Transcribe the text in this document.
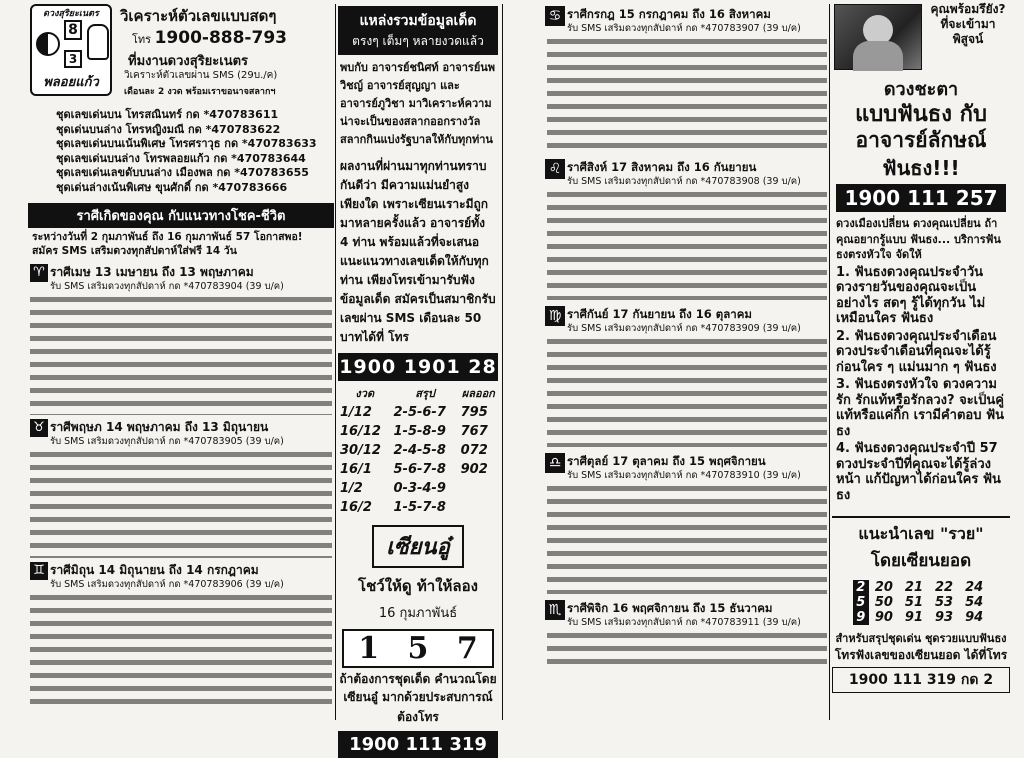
ดวงสุริยะเนตร
8
3
พลอยแก้ว
วิเคราะห์ตัวเลขแบบสดๆ
โทร 1900-888-793
ที่มงานดวงสุริยะเนตร
วิเคราะห์ตัวเลขผ่าน SMS (29บ./ค)
เดือนละ 2 งวด พร้อมเราขอนาจสลากฯ
ชุดเลขเด่นบน โทรสณินทร์ กด *470783611
ชุดเด่นบนล่าง โทรหญิงมณี กด *470783622
ชุดเลขเด่นบนเน้นพิเศษ โทรศราวุธ กด *470783633
ชุดเลขเด่นบนล่าง โทรพลอยแก้ว กด *470783644
ชุดเลขเด่นเลขดับบนล่าง เมืองพล กด *470783655
ชุดเด่นล่างเน้นพิเศษ ขุนศักดิ์ กด *470783666
ราศีเกิดของคุณ กับแนวทางโชค-ชีวิต
ระหว่างวันที่ 2 กุมภาพันธ์ ถึง 16 กุมภาพันธ์ 57 โอกาสพอ! สมัคร SMS เสริมดวงทุกสัปดาห์ใส่ฟรี 14 วัน
♈ ราศีเมษ 13 เมษายน ถึง 13 พฤษภาคม
รับ SMS เสริมดวงทุกสัปดาห์ กด *470783904 (39 บ/ค)
♉ ราศีพฤษภ 14 พฤษภาคม ถึง 13 มิถุนายน
รับ SMS เสริมดวงทุกสัปดาห์ กด *470783905 (39 บ/ค)
♊ ราศีมิถุน 14 มิถุนายน ถึง 14 กรกฎาคม
รับ SMS เสริมดวงทุกสัปดาห์ กด *470783906 (39 บ/ค)
แหล่งรวมข้อมูลเด็ด
ตรงๆ เต็มๆ หลายงวดแล้ว
พบกับ อาจารย์ชนิศท์ อาจารย์นพวิชญ์ อาจารย์สุญญา และอาจารย์ภูวิชา มาวิเคราะห์ความน่าจะเป็นของสลากออกรางวัลสลากกินแบ่งรัฐบาลให้กับทุกท่าน
ผลงานที่ผ่านมาทุกท่านทราบกันดีว่า มีความแม่นยำสูง เพียงใด เพราะเซียนเราะมีถูกมาหลายครั้งแล้ว อาจารย์ทั้ง 4 ท่าน พร้อมแล้วที่จะเสนอแนะแนวทางเลขเด็ดให้กับทุกท่าน เพียงโทรเข้ามารับฟังข้อมูลเด็ด สมัครเป็นสมาชิกรับเลขผ่าน SMS เดือนละ 50 บาทได้ที่ โทร
1900 1901 28
งวด	สรุป	ผลออก
1/12	2-5-6-7	795
16/12	1-5-8-9	767
30/12	2-4-5-8	072
16/1	5-6-7-8	902
1/2	0-3-4-9	
16/2	1-5-7-8	
เซียนอู๋
โชว์ให้ดู ท้าให้ลอง
16 กุมภาพันธ์
1 5 7
ถ้าต้องการชุดเด็ด คำนวณโดยเซียนอู๋ มากด้วยประสบการณ์
ต้องโทร
1900 111 319
♋ ราศีกรกฎ 15 กรกฎาคม ถึง 16 สิงหาคม
รับ SMS เสริมดวงทุกสัปดาห์ กด *470783907 (39 บ/ค)
♌ ราศีสิงห์ 17 สิงหาคม ถึง 16 กันยายน
รับ SMS เสริมดวงทุกสัปดาห์ กด *470783908 (39 บ/ค)
♍ ราศีกันย์ 17 กันยายน ถึง 16 ตุลาคม
รับ SMS เสริมดวงทุกสัปดาห์ กด *470783909 (39 บ/ค)
♎ ราศีตุลย์ 17 ตุลาคม ถึง 15 พฤศจิกายน
รับ SMS เสริมดวงทุกสัปดาห์ กด *470783910 (39 บ/ค)
♏ ราศีพิจิก 16 พฤศจิกายน ถึง 15 ธันวาคม
รับ SMS เสริมดวงทุกสัปดาห์ กด *470783911 (39 บ/ค)
คุณพร้อมรึยัง? ที่จะเข้ามาพิสูจน์
ดวงชะตา
แบบฟันธง กับ
อาจารย์ลักษณ์
ฟันธง!!!
1900 111 257

ดวงเมืองเปลี่ยน ดวงคุณเปลี่ยน ถ้าคุณอยากรู้แบบ ฟันธง... บริการฟันธงตรงหัวใจ จัดให้

1. ฟันธงดวงคุณประจำวัน ดวงรายวันของคุณจะเป็นอย่างไร สดๆ รู้ได้ทุกวัน ไม่เหมือนใคร ฟันธง

2. ฟันธงดวงคุณประจำเดือน ดวงประจำเดือนที่คุณจะได้รู้ก่อนใคร ๆ แม่นมาก ๆ ฟันธง

3. ฟันธงตรงหัวใจ ดวงความรัก รักแท้หรือรักลวง? จะเป็นคู่แท้หรือแค่กิ๊ก เรามีคำตอบ ฟันธง

4. ฟันธงดวงคุณประจำปี 57 ดวงประจำปีที่คุณจะได้รู้ล่วงหน้า แก้ปัญหาได้ก่อนใคร ฟันธง

แนะนำเลข "รวย"
โดยเซียนยอด
2	20	21	22	24
5	50	51	53	54
9	90	91	93	94
สำหรับสรุปชุดเด่น ชุดรวยแบบฟันธง
โทรฟังเลขของเซียนยอด ได้ที่โทร
1900 111 319 กด 2
